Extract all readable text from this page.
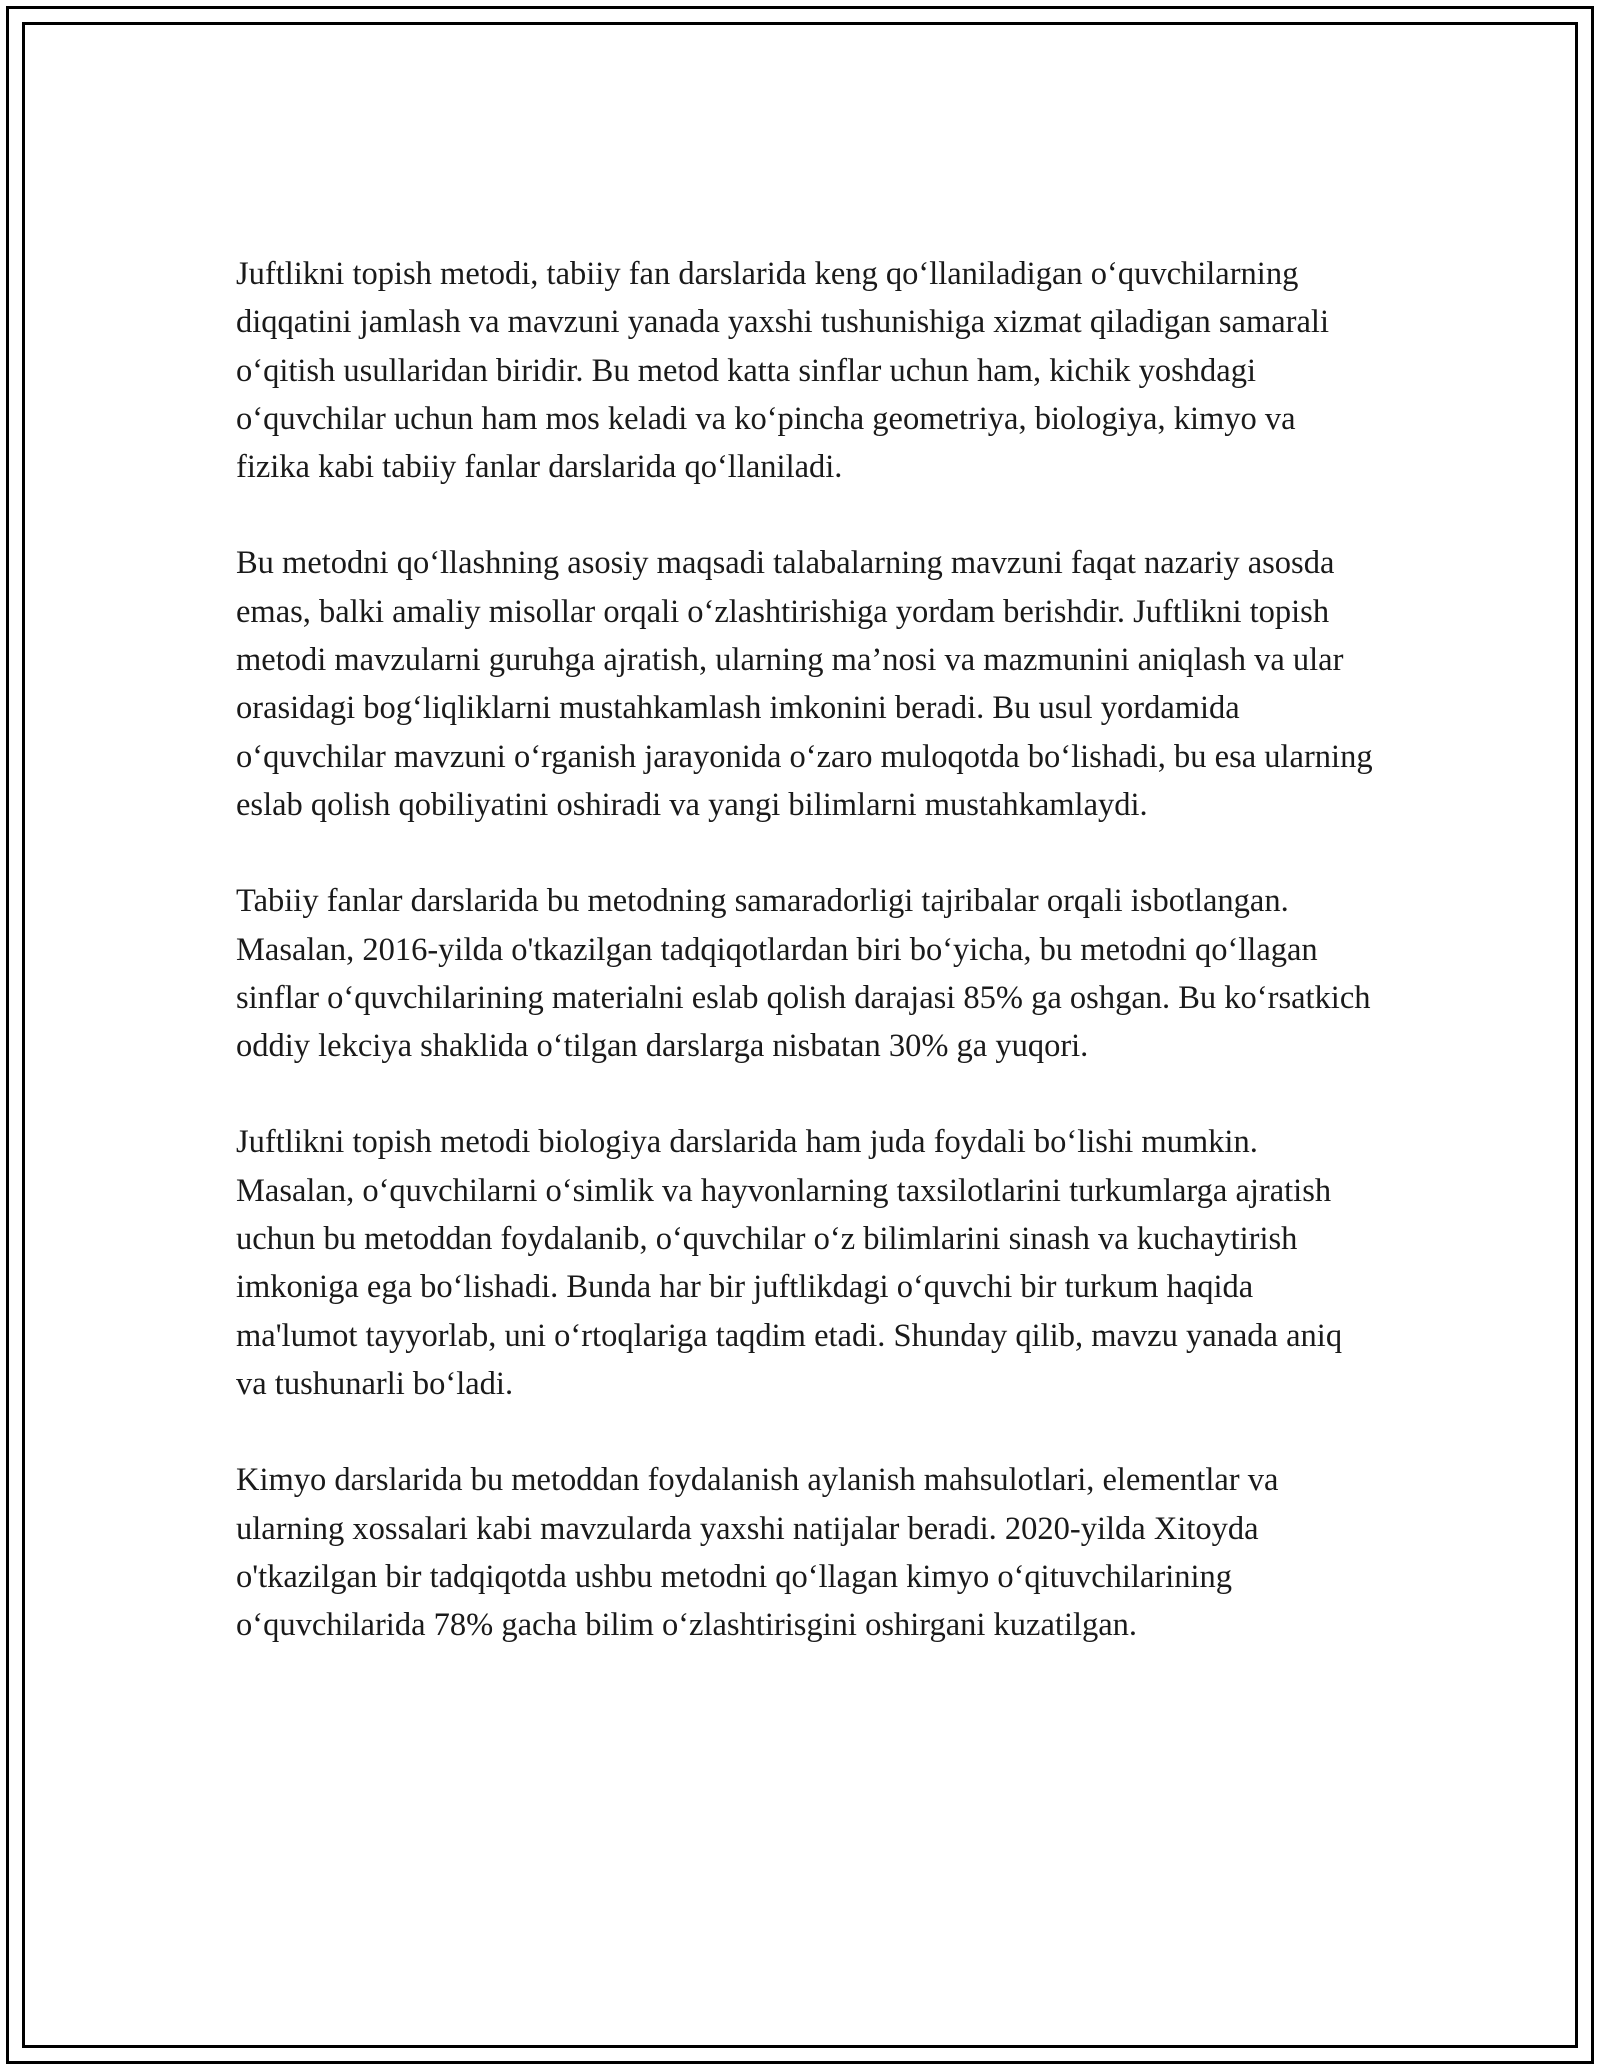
Juftlikni topish metodi, tabiiy fan darslarida keng qo‘llaniladigan o‘quvchilarning diqqatini jamlash va mavzuni yanada yaxshi tushunishiga xizmat qiladigan samarali o‘qitish usullaridan biridir. Bu metod katta sinflar uchun ham, kichik yoshdagi o‘quvchilar uchun ham mos keladi va ko‘pincha geometriya, biologiya, kimyo va fizika kabi tabiiy fanlar darslarida qo‘llaniladi.

Bu metodni qo‘llashning asosiy maqsadi talabalarning mavzuni faqat nazariy asosda emas, balki amaliy misollar orqali o‘zlashtirishiga yordam berishdir. Juftlikni topish metodi mavzularni guruhga ajratish, ularning ma’nosi va mazmunini aniqlash va ular orasidagi bog‘liqliklarni mustahkamlash imkonini beradi. Bu usul yordamida o‘quvchilar mavzuni o‘rganish jarayonida o‘zaro muloqotda bo‘lishadi, bu esa ularning eslab qolish qobiliyatini oshiradi va yangi bilimlarni mustahkamlaydi.

Tabiiy fanlar darslarida bu metodning samaradorligi tajribalar orqali isbotlangan. Masalan, 2016-yilda o'tkazilgan tadqiqotlardan biri bo‘yicha, bu metodni qo‘llagan sinflar o‘quvchilarining materialni eslab qolish darajasi 85% ga oshgan. Bu ko‘rsatkich oddiy lekciya shaklida o‘tilgan darslarga nisbatan 30% ga yuqori.

Juftlikni topish metodi biologiya darslarida ham juda foydali bo‘lishi mumkin. Masalan, o‘quvchilarni o‘simlik va hayvonlarning taxsilotlarini turkumlarga ajratish uchun bu metoddan foydalanib, o‘quvchilar o‘z bilimlarini sinash va kuchaytirish imkoniga ega bo‘lishadi. Bunda har bir juftlikdagi o‘quvchi bir turkum haqida ma'lumot tayyorlab, uni o‘rtoqlariga taqdim etadi. Shunday qilib, mavzu yanada aniq va tushunarli bo‘ladi.

Kimyo darslarida bu metoddan foydalanish aylanish mahsulotlari, elementlar va ularning xossalari kabi mavzularda yaxshi natijalar beradi. 2020-yilda Xitoyda o'tkazilgan bir tadqiqotda ushbu metodni qo‘llagan kimyo o‘qituvchilarining o‘quvchilarida 78% gacha bilim o‘zlashtirisgini oshirgani kuzatilgan.
